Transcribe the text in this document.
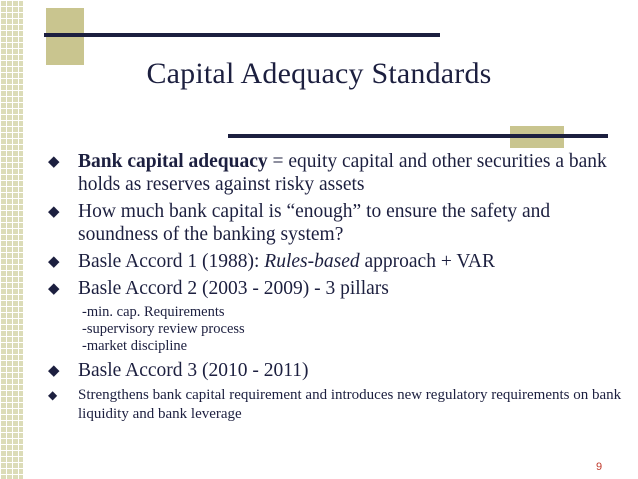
Capital Adequacy Standards

◆ Bank capital adequacy = equity capital and other securities a bank holds as reserves against risky assets

◆ How much bank capital is “enough” to ensure the safety and soundness of the banking system?

◆ Basle Accord 1 (1988): Rules-based approach + VAR

◆ Basle Accord 2 (2003 - 2009) - 3 pillars

-min. cap. Requirements

-supervisory review process

-market discipline

◆ Basle Accord 3 (2010 - 2011)

◆ Strengthens bank capital requirement and introduces new regulatory requirements on bank liquidity and bank leverage

9
